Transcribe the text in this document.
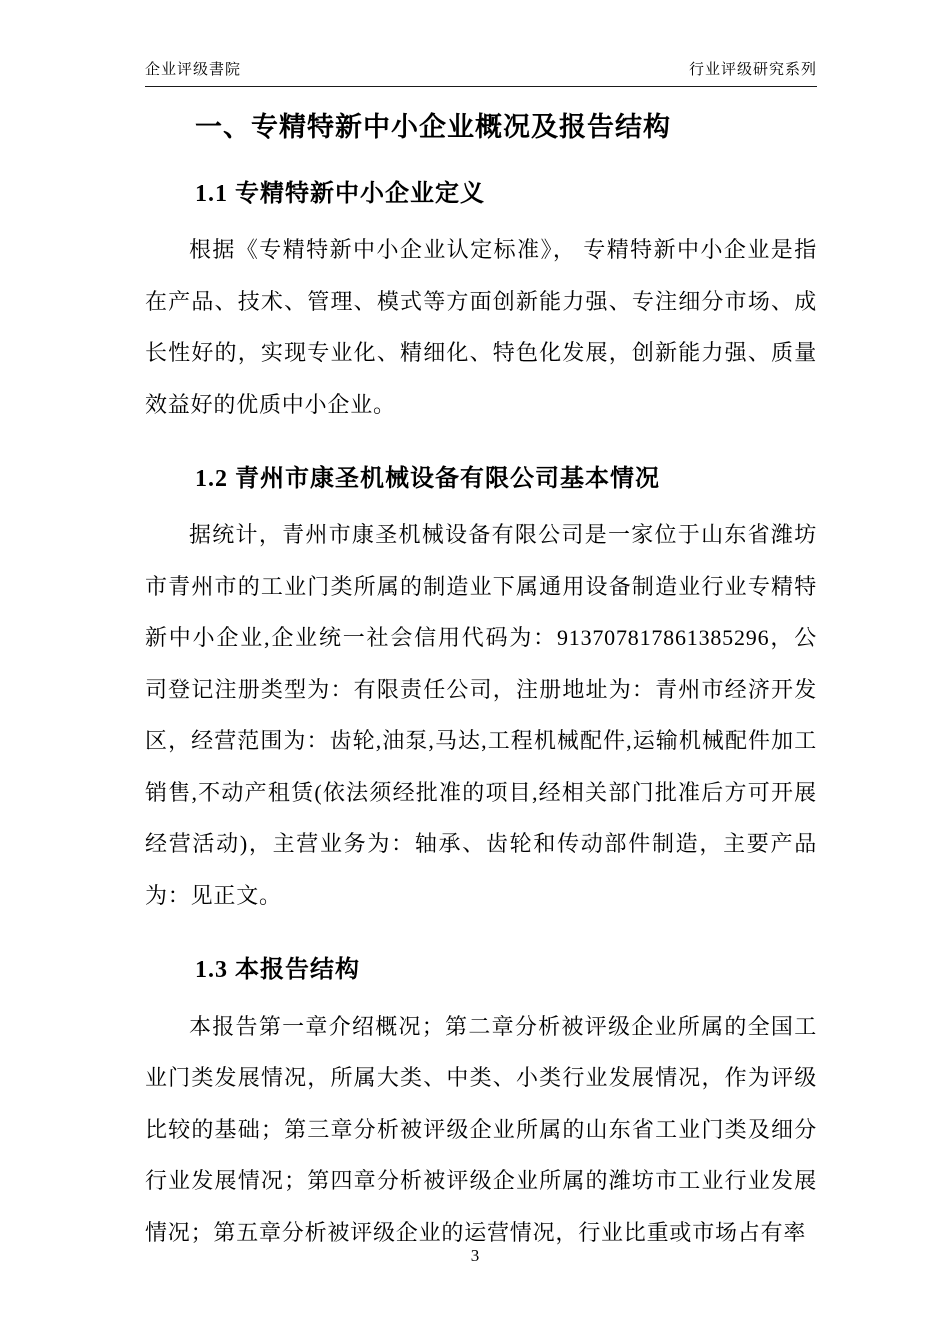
企业评级書院	行业评级研究系列
一、专精特新中小企业概况及报告结构
1.1 专精特新中小企业定义

根据《专精特新中小企业认定标准》， 专精特新中小企业是指在产品、技术、管理、模式等方面创新能力强、专注细分市场、成长性好的，实现专业化、精细化、特色化发展，创新能力强、质量效益好的优质中小企业。

1.2 青州市康圣机械设备有限公司基本情况

据统计，青州市康圣机械设备有限公司是一家位于山东省潍坊市青州市的工业门类所属的制造业下属通用设备制造业行业专精特新中小企业,企业统一社会信用代码为：913707817861385296，公司登记注册类型为：有限责任公司，注册地址为：青州市经济开发区，经营范围为：齿轮,油泵,马达,工程机械配件,运输机械配件加工销售,不动产租赁(依法须经批准的项目,经相关部门批准后方可开展经营活动)，主营业务为：轴承、齿轮和传动部件制造，主要产品为：见正文。

1.3 本报告结构

本报告第一章介绍概况；第二章分析被评级企业所属的全国工业门类发展情况，所属大类、中类、小类行业发展情况，作为评级比较的基础；第三章分析被评级企业所属的山东省工业门类及细分行业发展情况；第四章分析被评级企业所属的潍坊市工业行业发展情况；第五章分析被评级企业的运营情况，行业比重或市场占有率

3
